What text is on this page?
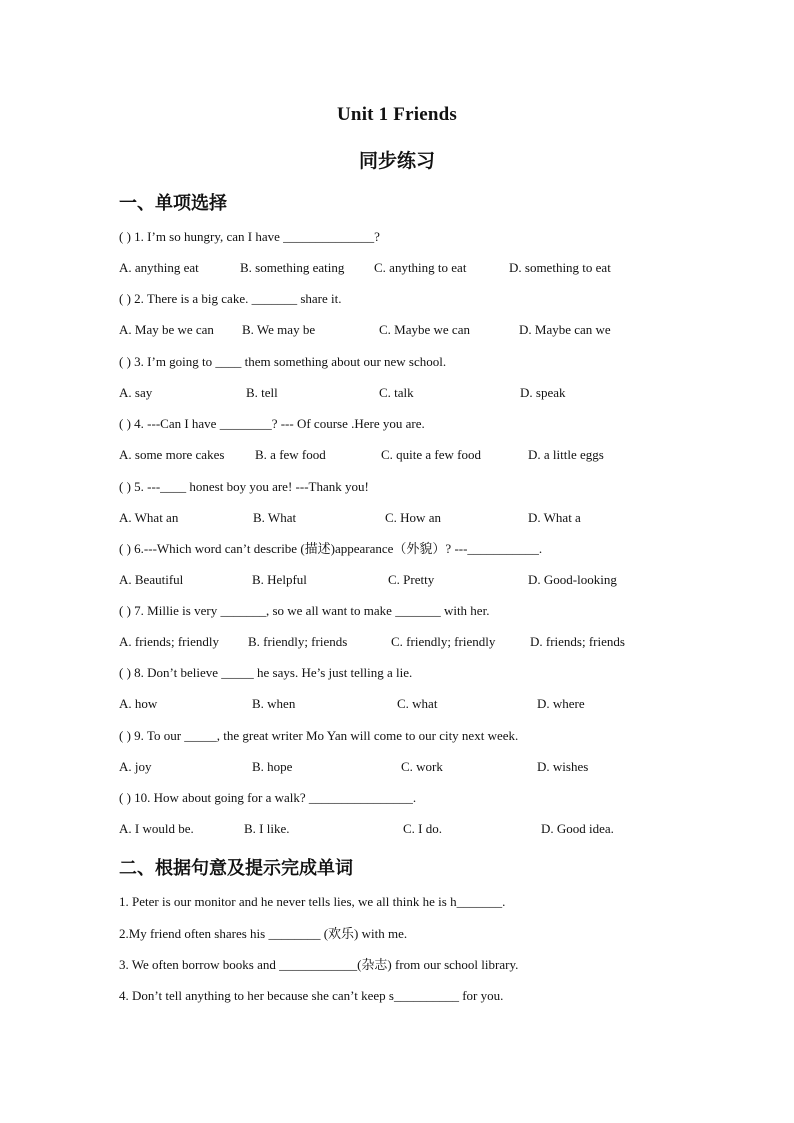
Unit 1 Friends
同步练习
一、单项选择
( ) 1. I’m so hungry, can I have ______________?
A. anything eat	B. something eating C. anything to eat	D. something to eat
( ) 2. There is a big cake. _______ share it.
A. May be we can B. We may be	C. Maybe we can	D. Maybe can we
( ) 3. I’m going to ____ them something about our new school.
A. say	B. tell	C. talk	D. speak
( ) 4. ---Can I have ________? --- Of course .Here you are.
A. some more cakes B. a few food	C. quite a few food	D. a little eggs
( ) 5. ---____ honest boy you are! ---Thank you!
A. What an	B. What	C. How an	D. What a
( ) 6.---Which word can’t describe (描述)appearance（外貌）? ---___________.
A. Beautiful	B. Helpful	C. Pretty	D. Good-looking
( ) 7. Millie is very _______, so we all want to make _______ with her.
A. friends; friendly B. friendly; friends	C. friendly; friendly	D. friends; friends
( ) 8. Don’t believe _____ he says. He’s just telling a lie.
A. how	B. when	C. what	D. where
( ) 9. To our _____, the great writer Mo Yan will come to our city next week.
A. joy	B. hope	C. work	D. wishes
( ) 10. How about going for a walk? ________________.
A. I would be.	B. I like.	C. I do.	D. Good idea.
二、根据句意及提示完成单词
1. Peter is our monitor and he never tells lies, we all think he is h_______.
2.My friend often shares his ________ (欢乐) with me.
3. We often borrow books and ____________(杂志) from our school library.
4. Don’t tell anything to her because she can’t keep s__________ for you.
